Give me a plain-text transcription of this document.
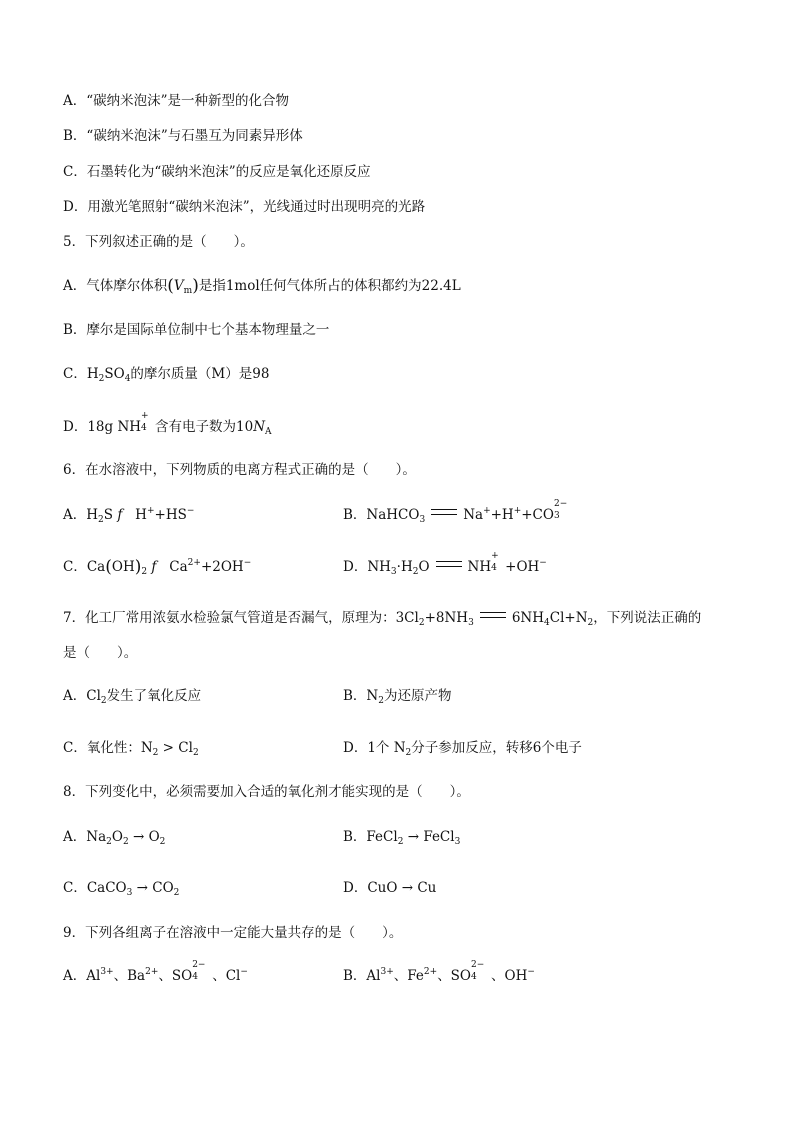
A．“碳纳米泡沫”是一种新型的化合物
B．“碳纳米泡沫”与石墨互为同素异形体
C．石墨转化为“碳纳米泡沫”的反应是氧化还原反应
D．用激光笔照射“碳纳米泡沫”，光线通过时出现明亮的光路
5．下列叙述正确的是（　　）。
A．气体摩尔体积$(V_m)$是指1mol任何气体所占的体积都约为22.4L
B．摩尔是国际单位制中七个基本物理量之一
C．$H_2SO_4$的摩尔质量（M）是98
D．18g NH
+
4 含有电子数为$10N_A$
6．在水溶液中，下列物质的电离方程式正确的是（　　）。
A．$H_2S$ f   H++HS−	B．NaHCO$_3$	Na++H++CO
2−
3
C．$Ca(OH)_2$ f   $Ca^{2+}+2OH^-$	D．$NH_3\cdot H_2O$	NH
+
4 +OH−
7．化工厂常用浓氨水检验氯气管道是否漏气，原理为：$3Cl_2+8NH_3$	$6NH_4Cl+N_2$，下列说法正确的
是（　　）。
A．$Cl_2$发生了氧化反应	B．$N_2$为还原产物
C．氧化性：$N_2 > Cl_2$	D．1个 $N_2$分子参加反应，转移6个电子
8．下列变化中，必须需要加入合适的氧化剂才能实现的是（　　）。
A．$Na_2O_2 \to O_2$	B．FeCl$_2$ → FeCl$_3$
C．CaCO$_3$ → $CO_2$	D．CuO → Cu
9．下列各组离子在溶液中一定能大量共存的是（　　）。
A．$Al^{3+}$、$Ba^{2+}$、SO
2−
4 、Cl−	B．$Al^{3+}$、$Fe^{2+}$、SO
2−
4 、OH−
